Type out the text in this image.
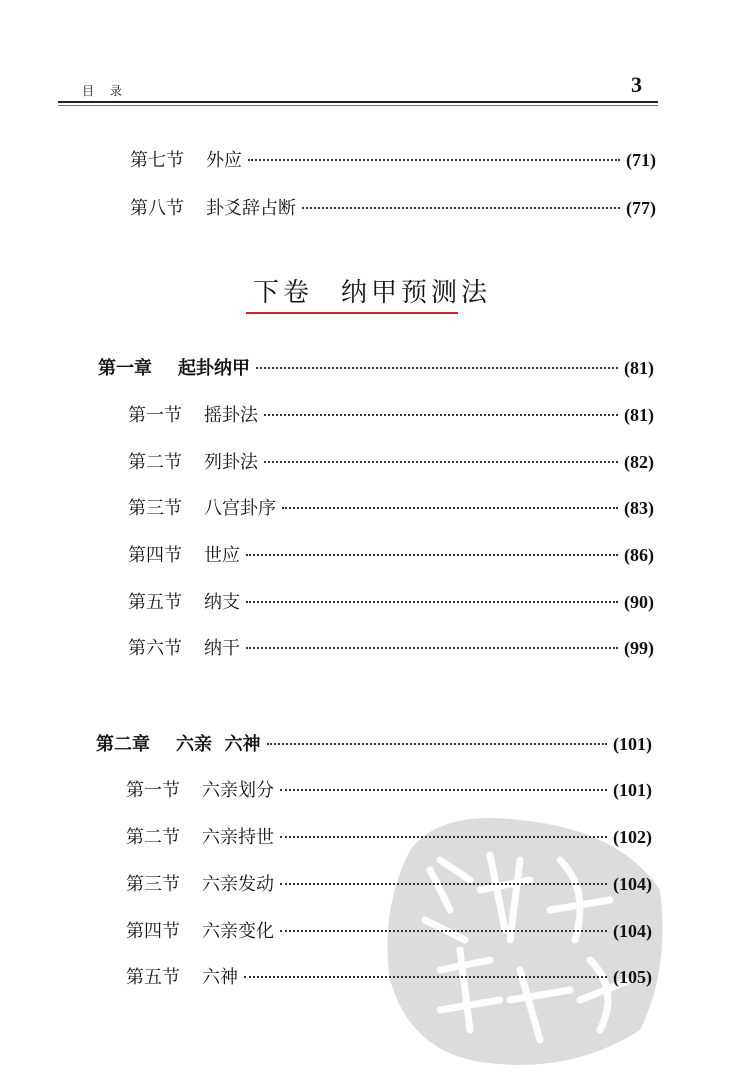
目 录	3
第七节 外应	(71)
第八节 卦爻辞占断	(77)
下卷 纳甲预测法
第一章 起卦纳甲	(81)
第一节 摇卦法	(81)
第二节 列卦法	(82)
第三节 八宫卦序	(83)
第四节 世应	(86)
第五节 纳支	(90)
第六节 纳干	(99)
第二章 六亲  六神	(101)
第一节 六亲划分	(101)
第二节 六亲持世	(102)
第三节 六亲发动	(104)
第四节 六亲变化	(104)
第五节 六神	(105)
